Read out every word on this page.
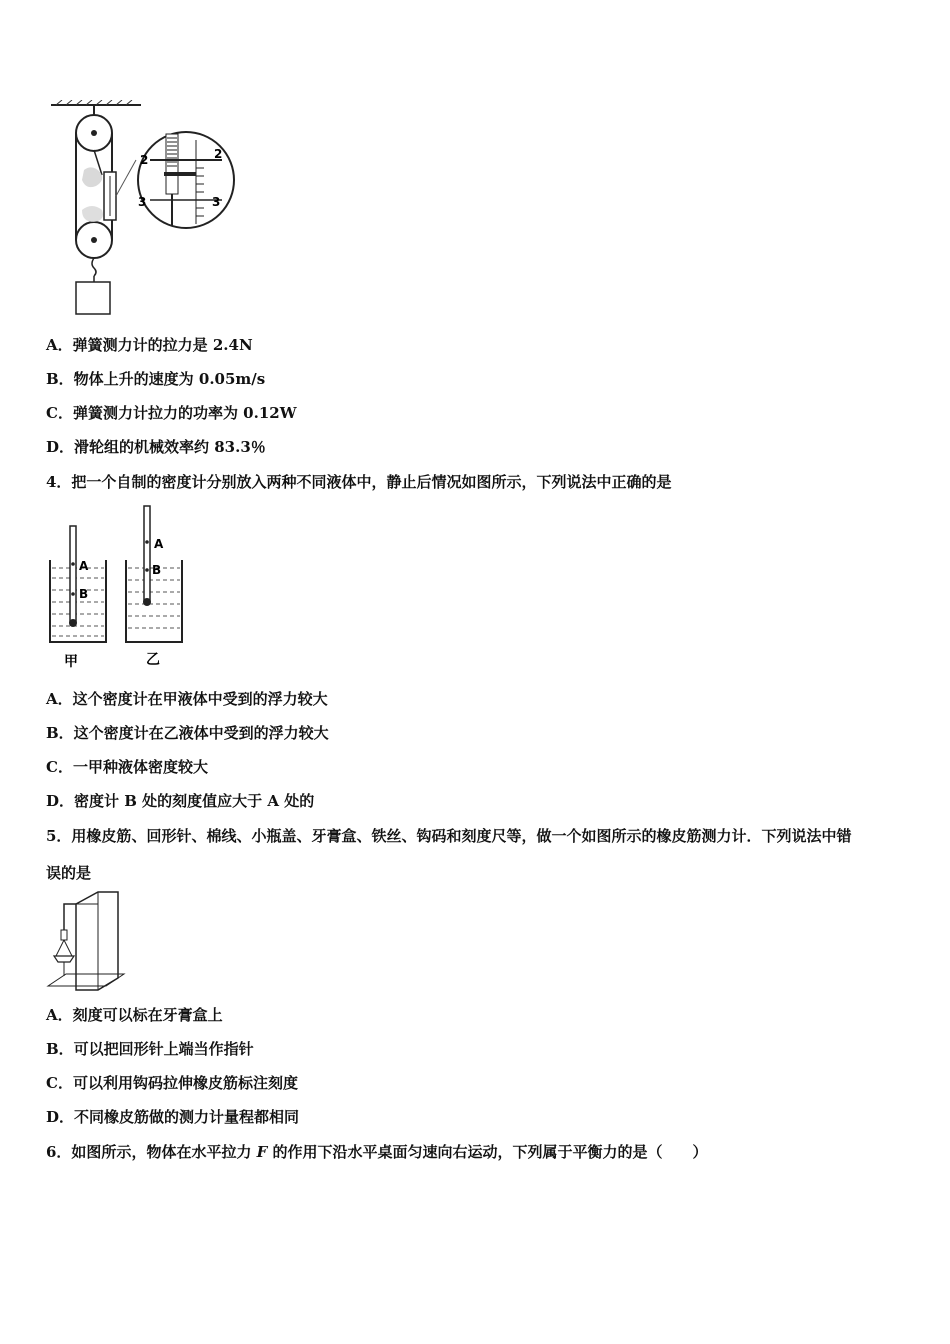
2	2
3	3
A．弹簧测力计的拉力是 2.4N
B．物体上升的速度为 0.05m/s
C．弹簧测力计拉力的功率为 0.12W
D．滑轮组的机械效率约 83.3％
4．把一个自制的密度计分别放入两种不同液体中，静止后情况如图所示，下列说法中正确的是
A
B
甲
A
B
乙
A．这个密度计在甲液体中受到的浮力较大
B．这个密度计在乙液体中受到的浮力较大
C．一甲种液体密度较大
D．密度计 B 处的刻度值应大于 A 处的
5．用橡皮筋、回形针、棉线、小瓶盖、牙膏盒、铁丝、钩码和刻度尺等，做一个如图所示的橡皮筋测力计．下列说法中错
误的是
A．刻度可以标在牙膏盒上
B．可以把回形针上端当作指针
C．可以利用钩码拉伸橡皮筋标注刻度
D．不同橡皮筋做的测力计量程都相同
6．如图所示，物体在水平拉力 F 的作用下沿水平桌面匀速向右运动，下列属于平衡力的是（　　）
